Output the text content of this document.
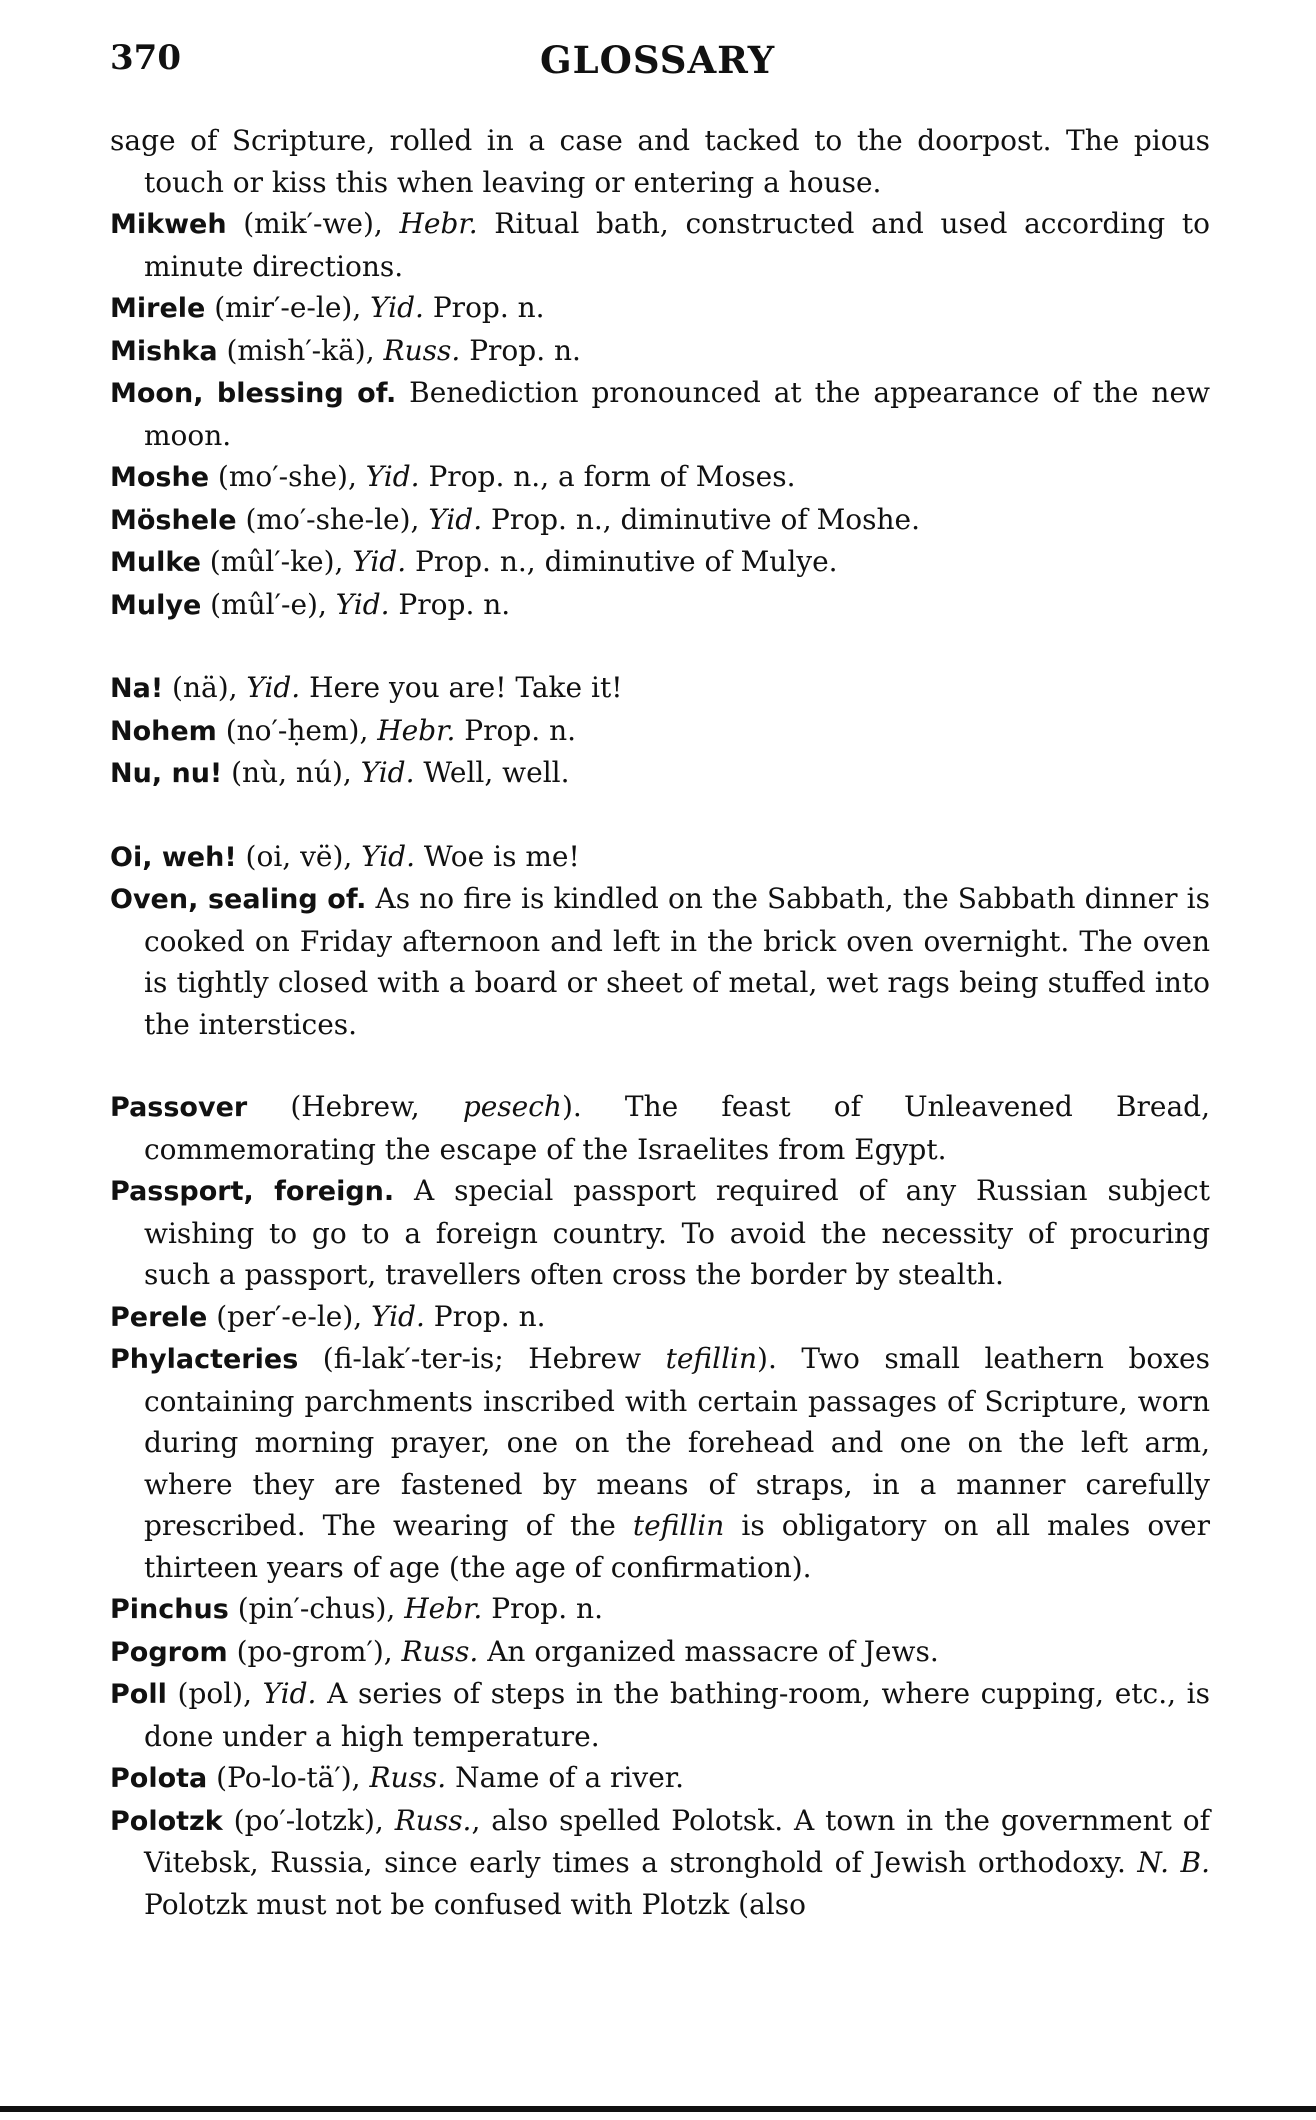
370	GLOSSARY

sage of Scripture, rolled in a case and tacked to the doorpost. The pious touch or kiss this when leaving or entering a house.

Mikweh (mik′-we), Hebr. Ritual bath, constructed and used according to minute directions.

Mirele (mir′-e-le), Yid. Prop. n.

Mishka (mish′-kä), Russ. Prop. n.

Moon, blessing of. Benediction pronounced at the appearance of the new moon.

Moshe (mo′-she), Yid. Prop. n., a form of Moses.

Möshele (mo′-she-le), Yid. Prop. n., diminutive of Moshe.

Mulke (mûl′-ke), Yid. Prop. n., diminutive of Mulye.

Mulye (mûl′-e), Yid. Prop. n.

Na! (nä), Yid. Here you are! Take it!

Nohem (no′-ḥem), Hebr. Prop. n.

Nu, nu! (nù, nú), Yid. Well, well.

Oi, weh! (oi, vë), Yid. Woe is me!

Oven, sealing of. As no fire is kindled on the Sabbath, the Sabbath dinner is cooked on Friday afternoon and left in the brick oven overnight. The oven is tightly closed with a board or sheet of metal, wet rags being stuffed into the interstices.

Passover (Hebrew, pesech). The feast of Unleavened Bread, commemorating the escape of the Israelites from Egypt.

Passport, foreign. A special passport required of any Russian subject wishing to go to a foreign country. To avoid the necessity of procuring such a passport, travellers often cross the border by stealth.

Perele (per′-e-le), Yid. Prop. n.

Phylacteries (fi-lak′-ter-is; Hebrew tefillin). Two small leathern boxes containing parchments inscribed with certain passages of Scripture, worn during morning prayer, one on the forehead and one on the left arm, where they are fastened by means of straps, in a manner carefully prescribed. The wearing of the tefillin is obligatory on all males over thirteen years of age (the age of confirmation).

Pinchus (pin′-chus), Hebr. Prop. n.

Pogrom (po-grom′), Russ. An organized massacre of Jews.

Poll (pol), Yid. A series of steps in the bathing-room, where cupping, etc., is done under a high temperature.

Polota (Po-lo-tä′), Russ. Name of a river.

Polotzk (po′-lotzk), Russ., also spelled Polotsk. A town in the government of Vitebsk, Russia, since early times a stronghold of Jewish orthodoxy. N. B. Polotzk must not be confused with Plotzk (also
